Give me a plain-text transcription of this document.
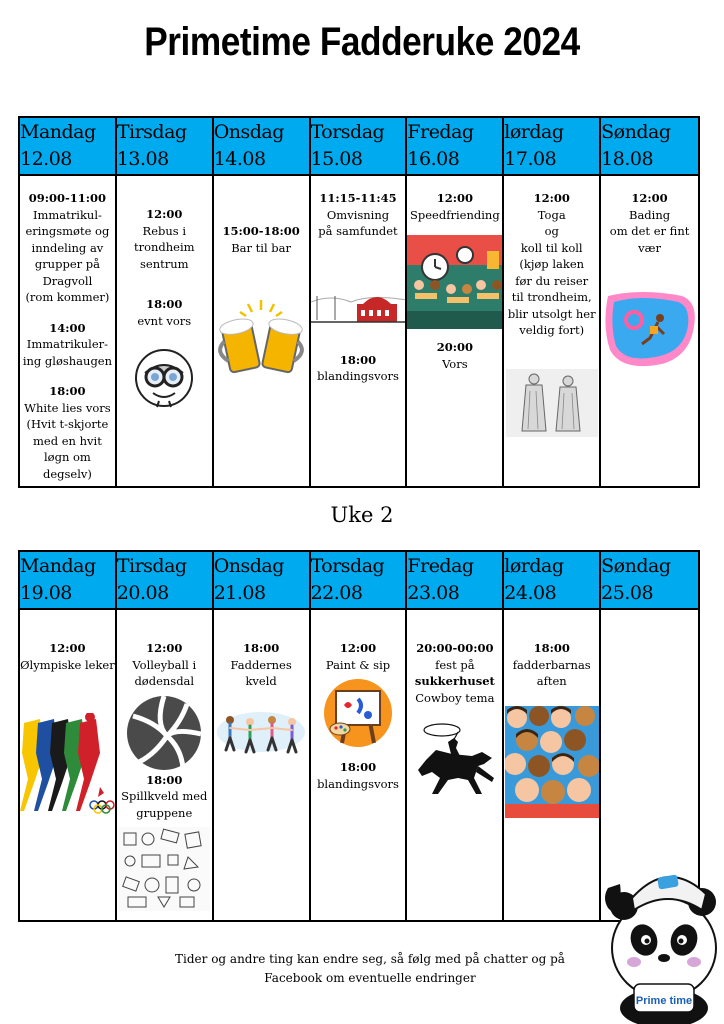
Primetime Fadderuke 2024
Mandag
12.08
Tirsdag
13.08
Onsdag
14.08
Torsdag
15.08
Fredag
16.08
lørdag
17.08
Søndag
18.08
09:00-11:00
Immatrikul-
eringsmøte og
inndeling av
grupper på
Dragvoll
(rom kommer)
14:00
Immatrikuler-
ing gløshaugen
18:00
White lies vors
(Hvit t-skjorte
med en hvit
løgn om
degselv)
12:00
Rebus i
trondheim
sentrum
18:00
evnt vors
15:00-18:00
Bar til bar
11:15-11:45
Omvisning
på samfundet
18:00
blandingsvors
12:00
Speedfriending
20:00
Vors
12:00
Toga
og
koll til koll
(kjøp laken
før du reiser
til trondheim,
blir utsolgt her
veldig fort)
12:00
Bading
om det er fint
vær
Uke 2
Mandag
19.08
Tirsdag
20.08
Onsdag
21.08
Torsdag
22.08
Fredag
23.08
lørdag
24.08
Søndag
25.08
12:00
Ølympiske leker
12:00
Volleyball i
dødensdal
18:00
Spillkveld med
gruppene
18:00
Faddernes kveld
12:00
Paint & sip
18:00
blandingsvors
20:00-00:00
fest på
sukkerhuset
Cowboy tema
18:00
fadderbarnas
aften
Tider og andre ting kan endre seg, så følg med på chatter og på Facebook om eventuelle endringer
Prime time
